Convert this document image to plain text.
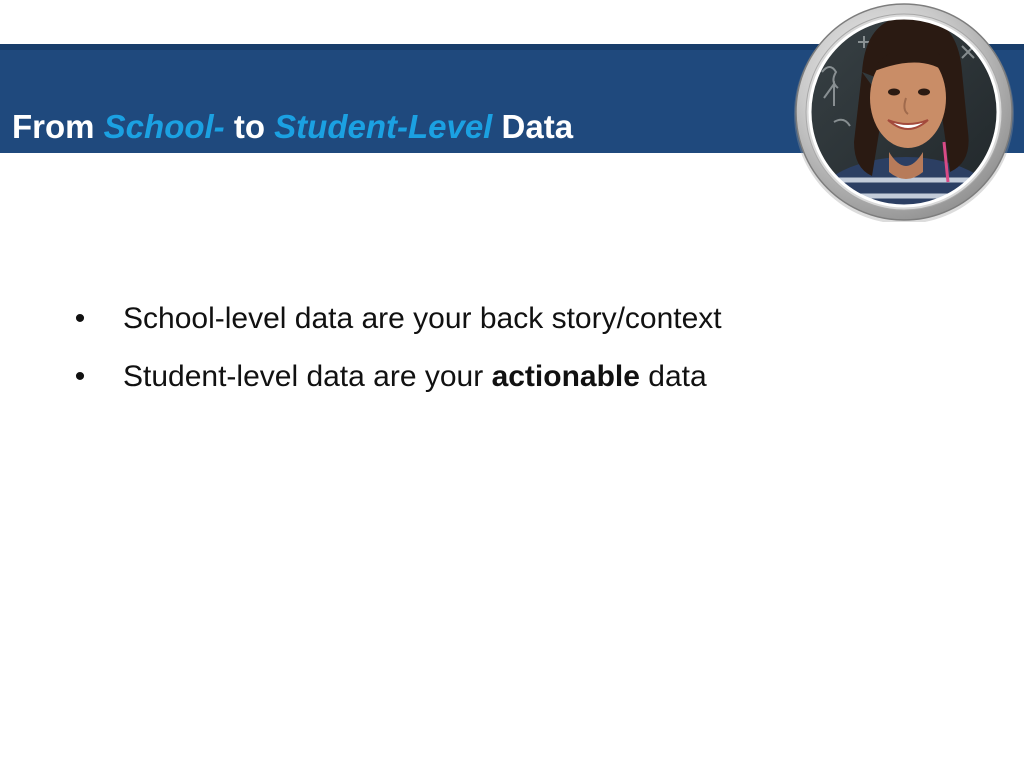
From School- to Student-Level Data
• School-level data are your back story/context
• Student-level data are your actionable data
